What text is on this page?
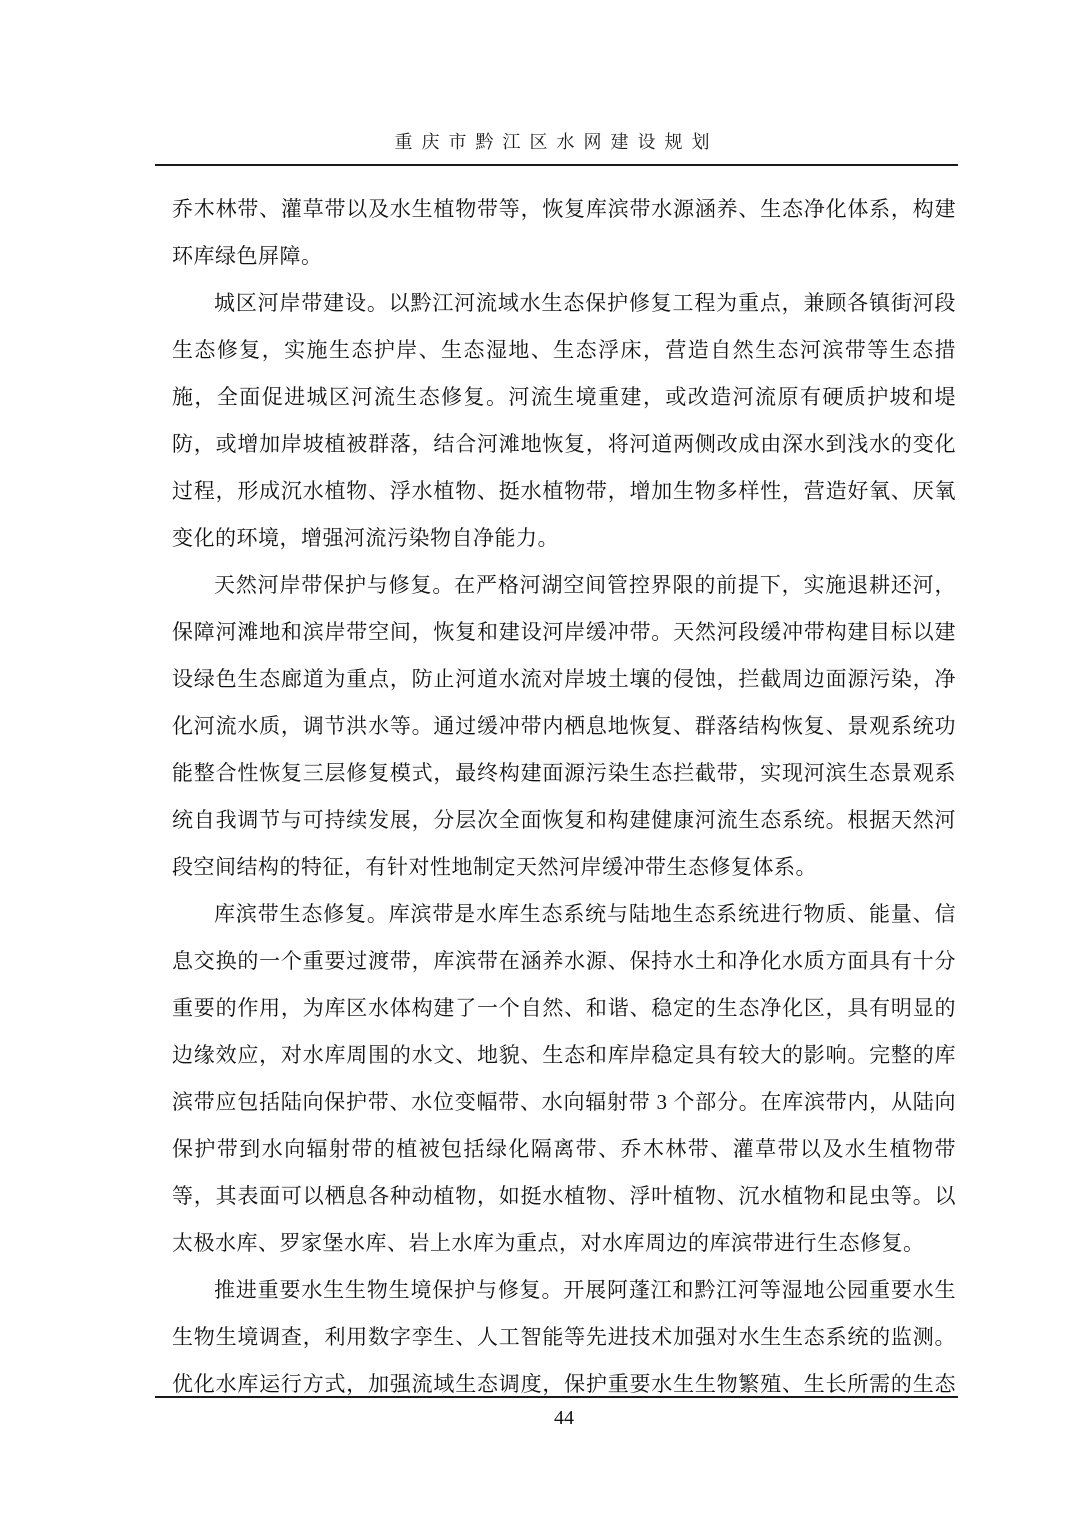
重庆市黔江区水网建设规划

乔木林带、灌草带以及水生植物带等，恢复库滨带水源涵养、生态净化体系，构建环库绿色屏障。

城区河岸带建设。以黔江河流域水生态保护修复工程为重点，兼顾各镇街河段生态修复，实施生态护岸、生态湿地、生态浮床，营造自然生态河滨带等生态措施，全面促进城区河流生态修复。河流生境重建，或改造河流原有硬质护坡和堤防，或增加岸坡植被群落，结合河滩地恢复，将河道两侧改成由深水到浅水的变化过程，形成沉水植物、浮水植物、挺水植物带，增加生物多样性，营造好氧、厌氧变化的环境，增强河流污染物自净能力。

天然河岸带保护与修复。在严格河湖空间管控界限的前提下，实施退耕还河，保障河滩地和滨岸带空间，恢复和建设河岸缓冲带。天然河段缓冲带构建目标以建设绿色生态廊道为重点，防止河道水流对岸坡土壤的侵蚀，拦截周边面源污染，净化河流水质，调节洪水等。通过缓冲带内栖息地恢复、群落结构恢复、景观系统功能整合性恢复三层修复模式，最终构建面源污染生态拦截带，实现河滨生态景观系统自我调节与可持续发展，分层次全面恢复和构建健康河流生态系统。根据天然河段空间结构的特征，有针对性地制定天然河岸缓冲带生态修复体系。

库滨带生态修复。库滨带是水库生态系统与陆地生态系统进行物质、能量、信息交换的一个重要过渡带，库滨带在涵养水源、保持水土和净化水质方面具有十分重要的作用，为库区水体构建了一个自然、和谐、稳定的生态净化区，具有明显的边缘效应，对水库周围的水文、地貌、生态和库岸稳定具有较大的影响。完整的库滨带应包括陆向保护带、水位变幅带、水向辐射带 3 个部分。在库滨带内，从陆向保护带到水向辐射带的植被包括绿化隔离带、乔木林带、灌草带以及水生植物带等，其表面可以栖息各种动植物，如挺水植物、浮叶植物、沉水植物和昆虫等。以太极水库、罗家堡水库、岩上水库为重点，对水库周边的库滨带进行生态修复。

推进重要水生生物生境保护与修复。开展阿蓬江和黔江河等湿地公园重要水生生物生境调查，利用数字孪生、人工智能等先进技术加强对水生生态系统的监测。优化水库运行方式，加强流域生态调度，保护重要水生生物繁殖、生长所需的生态

44
